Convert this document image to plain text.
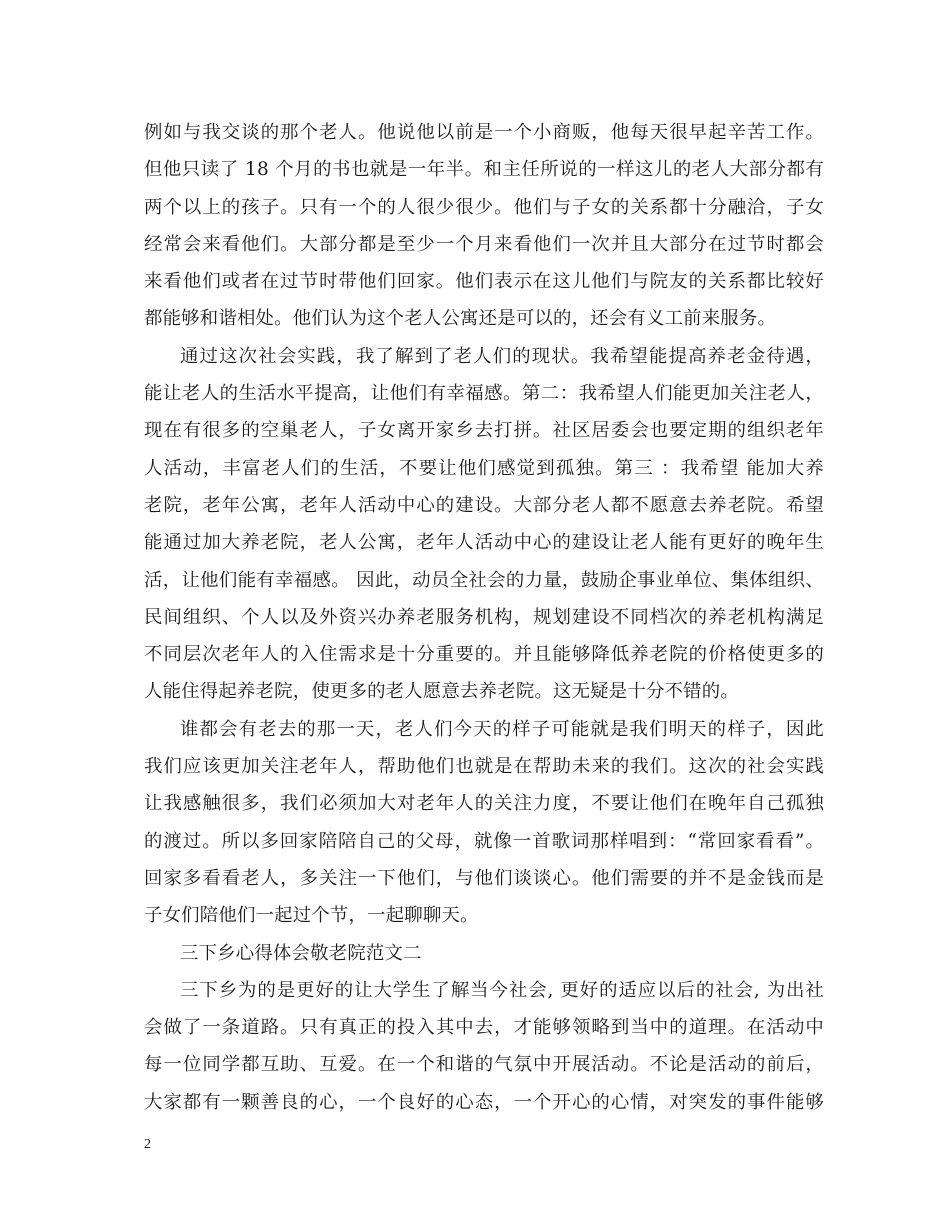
例如与我交谈的那个老人。他说他以前是一个小商贩，他每天很早起辛苦工作。
但他只读了 18 个月的书也就是一年半。和主任所说的一样这儿的老人大部分都有
两个以上的孩子。只有一个的人很少很少。他们与子女的关系都十分融洽，子女
经常会来看他们。大部分都是至少一个月来看他们一次并且大部分在过节时都会
来看他们或者在过节时带他们回家。他们表示在这儿他们与院友的关系都比较好
都能够和谐相处。他们认为这个老人公寓还是可以的，还会有义工前来服务。
通过这次社会实践，我了解到了老人们的现状。我希望能提高养老金待遇，
能让老人的生活水平提高，让他们有幸福感。第二：我希望人们能更加关注老人，
现在有很多的空巢老人，子女离开家乡去打拼。社区居委会也要定期的组织老年
人活动，丰富老人们的生活，不要让他们感觉到孤独。第三 ：我希望 能加大养
老院，老年公寓，老年人活动中心的建设。大部分老人都不愿意去养老院。希望
能通过加大养老院，老人公寓，老年人活动中心的建设让老人能有更好的晚年生
活，让他们能有幸福感。 因此，动员全社会的力量，鼓励企事业单位、集体组织、
民间组织、个人以及外资兴办养老服务机构，规划建设不同档次的养老机构满足
不同层次老年人的入住需求是十分重要的。并且能够降低养老院的价格使更多的
人能住得起养老院，使更多的老人愿意去养老院。这无疑是十分不错的。
谁都会有老去的那一天，老人们今天的样子可能就是我们明天的样子，因此
我们应该更加关注老年人，帮助他们也就是在帮助未来的我们。这次的社会实践
让我感触很多，我们必须加大对老年人的关注力度，不要让他们在晚年自己孤独
的渡过。所以多回家陪陪自己的父母，就像一首歌词那样唱到：“常回家看看”。
回家多看看老人，多关注一下他们，与他们谈谈心。他们需要的并不是金钱而是
子女们陪他们一起过个节，一起聊聊天。
三下乡心得体会敬老院范文二
三下乡为的是更好的让大学生了解当今社会, 更好的适应以后的社会, 为出社
会做了一条道路。只有真正的投入其中去，才能够领略到当中的道理。在活动中
每一位同学都互助、互爱。在一个和谐的气氛中开展活动。不论是活动的前后，
大家都有一颗善良的心，一个良好的心态，一个开心的心情，对突发的事件能够
2
